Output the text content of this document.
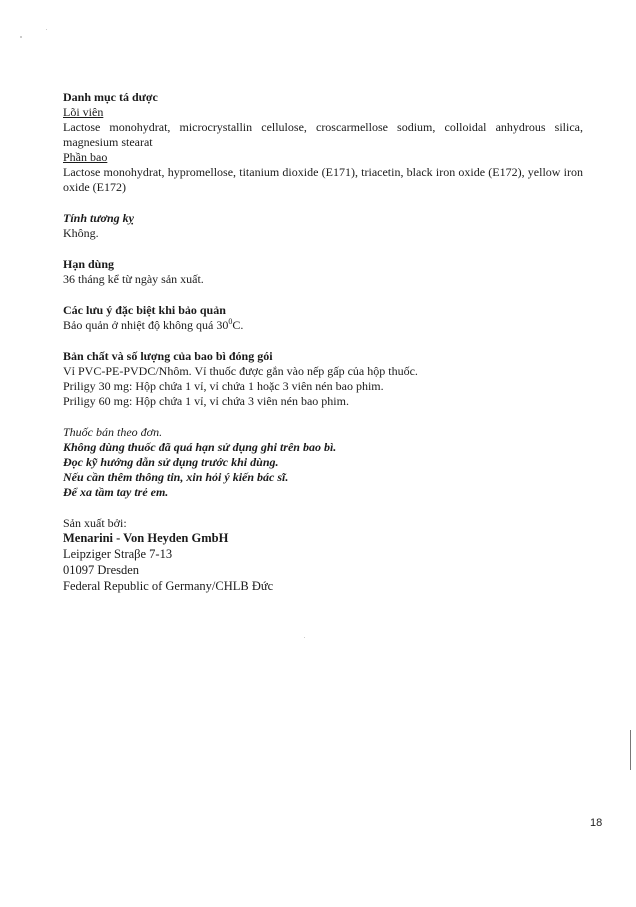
Danh mục tá dược
Lõi viên

Lactose monohydrat, microcrystallin cellulose, croscarmellose sodium, colloidal anhydrous silica, magnesium stearat

Phần bao

Lactose monohydrat, hypromellose, titanium dioxide (E171), triacetin, black iron oxide (E172), yellow iron oxide (E172)

Tính tương kỵ
Không.
Hạn dùng
36 tháng kể từ ngày sản xuất.
Các lưu ý đặc biệt khi bảo quản
Bảo quản ở nhiệt độ không quá $30^0C$.
Bản chất và số lượng của bao bì đóng gói
Vỉ PVC-PE-PVDC/Nhôm. Vỉ thuốc được gắn vào nếp gấp của hộp thuốc.
Priligy 30 mg: Hộp chứa 1 vỉ, vỉ chứa 1 hoặc 3 viên nén bao phim.
Priligy 60 mg: Hộp chứa 1 vỉ, vỉ chứa 3 viên nén bao phim.
Thuốc bán theo đơn.
Không dùng thuốc đã quá hạn sử dụng ghi trên bao bì.
Đọc kỹ hướng dẫn sử dụng trước khi dùng.
Nếu cần thêm thông tin, xin hỏi ý kiến bác sĩ.
Để xa tầm tay trẻ em.
Sản xuất bởi:
Menarini - Von Heyden GmbH
Leipziger Straβe 7-13
01097 Dresden
Federal Republic of Germany/CHLB Đức
18
